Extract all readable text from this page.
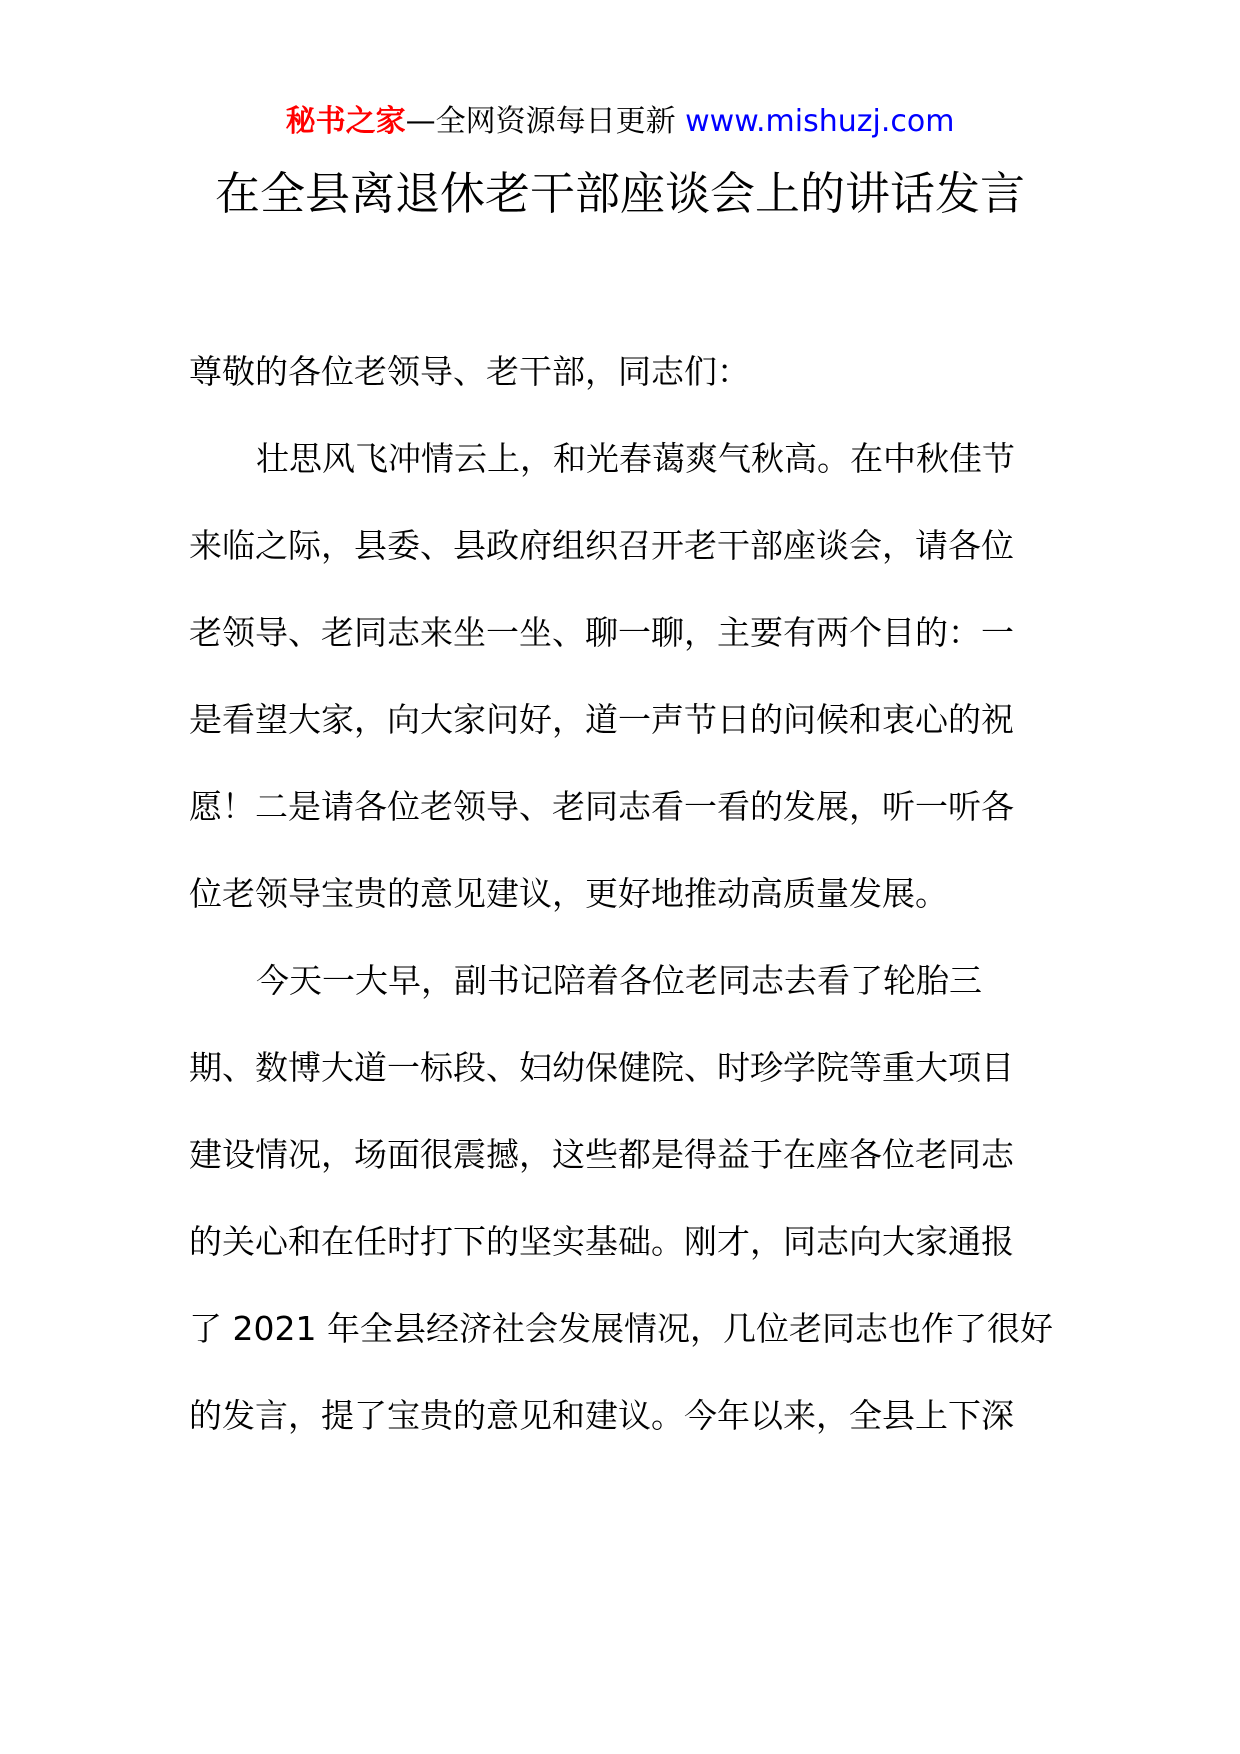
秘书之家—全网资源每日更新 www.mishuzj.com
在全县离退休老干部座谈会上的讲话发言

尊敬的各位老领导、老干部，同志们：

壮思风飞冲情云上，和光春蔼爽气秋高。在中秋佳节

来临之际，县委、县政府组织召开老干部座谈会，请各位

老领导、老同志来坐一坐、聊一聊，主要有两个目的：一

是看望大家，向大家问好，道一声节日的问候和衷心的祝

愿！二是请各位老领导、老同志看一看的发展，听一听各

位老领导宝贵的意见建议，更好地推动高质量发展。

今天一大早，副书记陪着各位老同志去看了轮胎三

期、数博大道一标段、妇幼保健院、时珍学院等重大项目

建设情况，场面很震撼，这些都是得益于在座各位老同志

的关心和在任时打下的坚实基础。刚才，同志向大家通报

了 2021 年全县经济社会发展情况，几位老同志也作了很好

的发言，提了宝贵的意见和建议。今年以来，全县上下深
